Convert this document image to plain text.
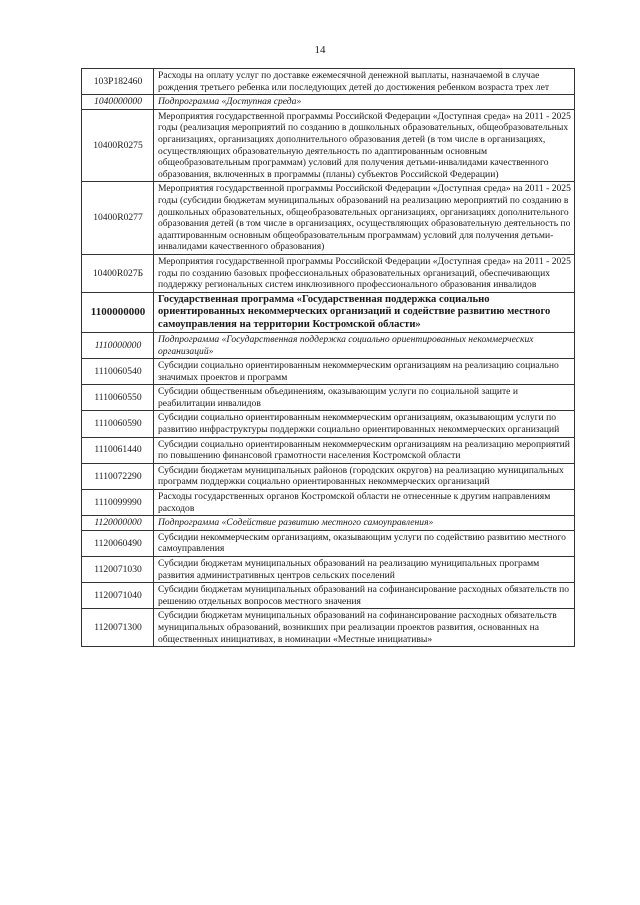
14
103P182460	Расходы на оплату услуг по доставке ежемесячной денежной выплаты, назначаемой в случае рождения третьего ребенка или последующих детей до достижения ребенком возраста трех лет
1040000000	Подпрограмма «Доступная среда»
10400R0275	Мероприятия государственной программы Российской Федерации «Доступная среда» на 2011 - 2025 годы (реализация мероприятий по созданию в дошкольных образовательных, общеобразовательных организациях, организациях дополнительного образования детей (в том числе в организациях, осуществляющих образовательную деятельность по адаптированным основным общеобразовательным программам) условий для получения детьми-инвалидами качественного образования, включенных в программы (планы) субъектов Российской Федерации)
10400R0277	Мероприятия государственной программы Российской Федерации «Доступная среда» на 2011 - 2025 годы (субсидии бюджетам муниципальных образований на реализацию мероприятий по созданию в дошкольных образовательных, общеобразовательных организациях, организациях дополнительного образования детей (в том числе в организациях, осуществляющих образовательную деятельность по адаптированным основным общеобразовательным программам) условий для получения детьми-инвалидами качественного образования)
10400R027Б	Мероприятия государственной программы Российской Федерации «Доступная среда» на 2011 - 2025 годы по созданию базовых профессиональных образовательных организаций, обеспечивающих поддержку региональных систем инклюзивного профессионального образования инвалидов
1100000000	Государственная программа «Государственная поддержка социально ориентированных некоммерческих организаций и содействие развитию местного самоуправления на территории Костромской области»
1110000000	Подпрограмма «Государственная поддержка социально ориентированных некоммерческих организаций»
1110060540	Субсидии социально ориентированным некоммерческим организациям на реализацию социально значимых проектов и программ
1110060550	Субсидии общественным объединениям, оказывающим услуги по социальной защите и реабилитации инвалидов
1110060590	Субсидии социально ориентированным некоммерческим организациям, оказывающим услуги по развитию инфраструктуры поддержки социально ориентированных некоммерческих организаций
1110061440	Субсидии социально ориентированным некоммерческим организациям на реализацию мероприятий по повышению финансовой грамотности населения Костромской области
1110072290	Субсидии бюджетам муниципальных районов (городских округов) на реализацию муниципальных программ поддержки социально ориентированных некоммерческих организаций
1110099990	Расходы государственных органов Костромской области не отнесенные к другим направлениям расходов
1120000000	Подпрограмма «Содействие развитию местного самоуправления»
1120060490	Субсидии некоммерческим организациям, оказывающим услуги по содействию развитию местного самоуправления
1120071030	Субсидии бюджетам муниципальных образований на реализацию муниципальных программ развития административных центров сельских поселений
1120071040	Субсидии бюджетам муниципальных образований на софинансирование расходных обязательств по решению отдельных вопросов местного значения
1120071300	Субсидии бюджетам муниципальных образований на софинансирование расходных обязательств муниципальных образований, возникших при реализации проектов развития, основанных на общественных инициативах, в номинации «Местные инициативы»
